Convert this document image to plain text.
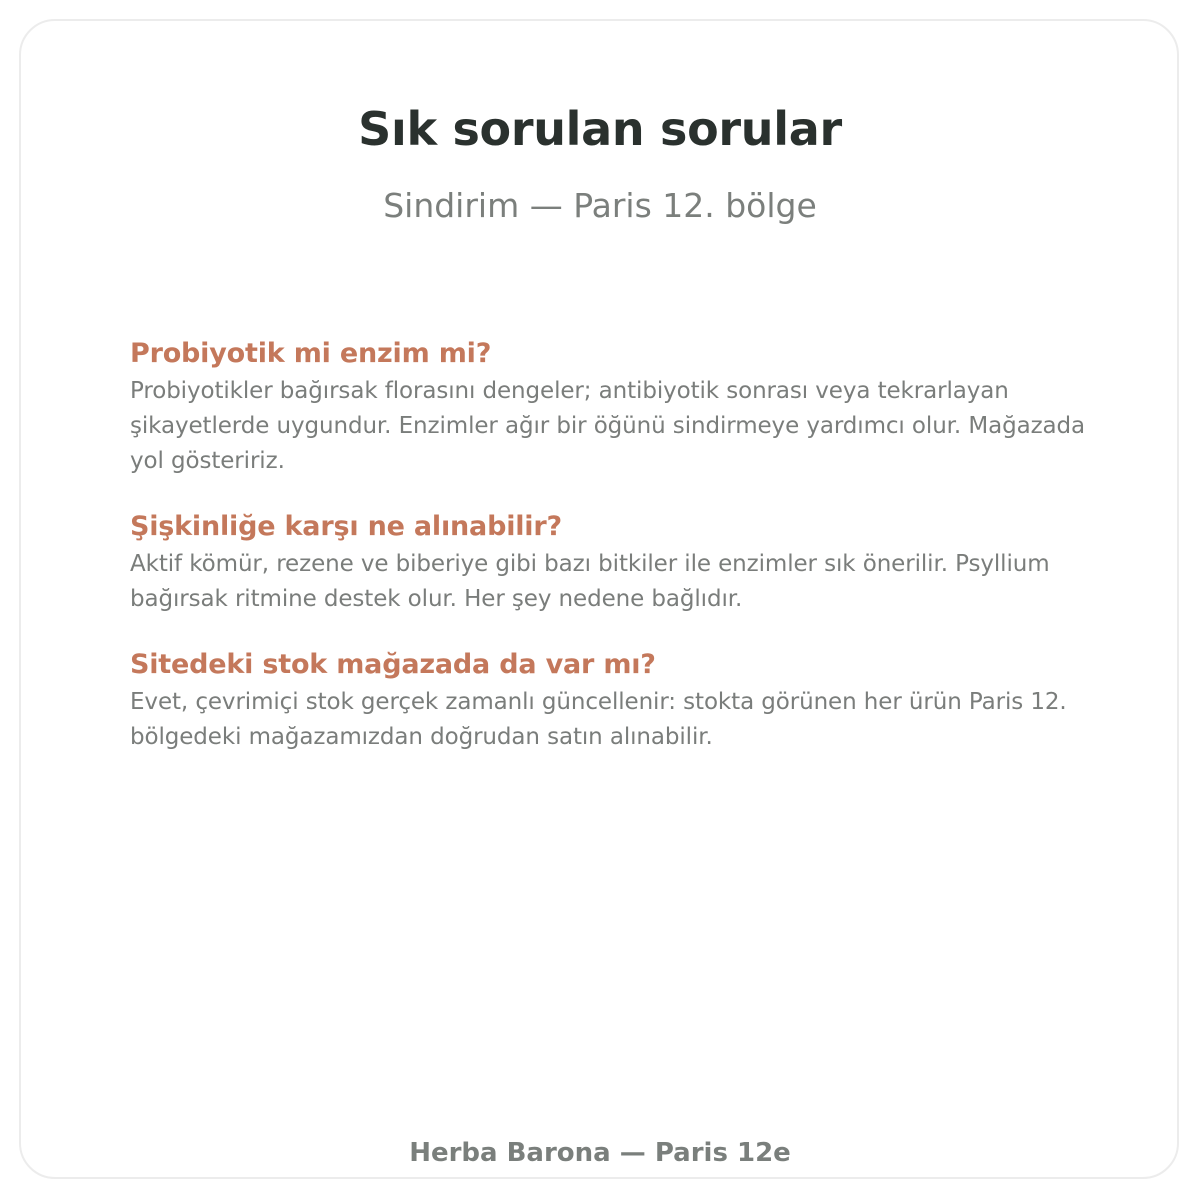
Sık sorulan sorular

Sindirim — Paris 12. bölge

Probiyotik mi enzim mi?

Probiyotikler bağırsak florasını dengeler; antibiyotik sonrası veya tekrarlayan şikayetlerde uygundur. Enzimler ağır bir öğünü sindirmeye yardımcı olur. Mağazada yol gösteririz.

Şişkinliğe karşı ne alınabilir?

Aktif kömür, rezene ve biberiye gibi bazı bitkiler ile enzimler sık önerilir. Psyllium bağırsak ritmine destek olur. Her şey nedene bağlıdır.

Sitedeki stok mağazada da var mı?

Evet, çevrimiçi stok gerçek zamanlı güncellenir: stokta görünen her ürün Paris 12. bölgedeki mağazamızdan doğrudan satın alınabilir.

Herba Barona — Paris 12e
